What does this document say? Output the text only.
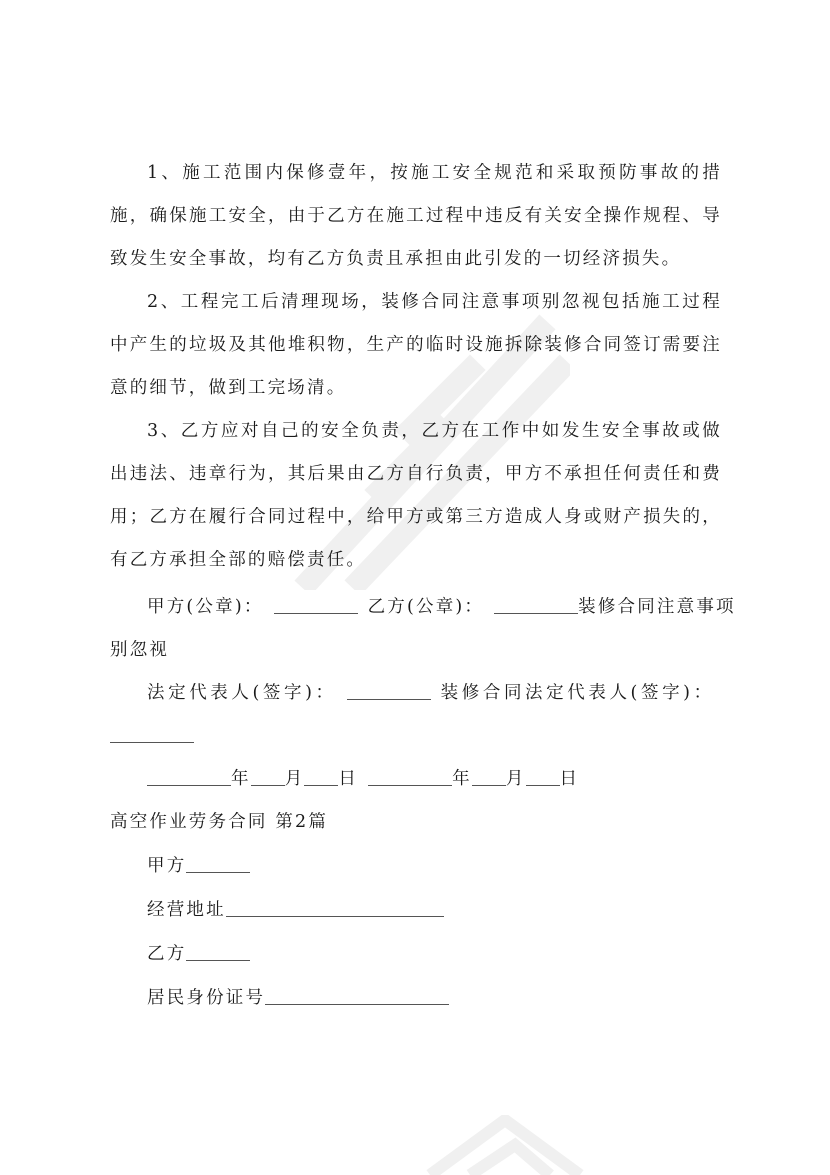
1、施工范围内保修壹年，按施工安全规范和采取预防事故的措施，确保施工安全，由于乙方在施工过程中违反有关安全操作规程、导致发生安全事故，均有乙方负责且承担由此引发的一切经济损失。

2、工程完工后清理现场，装修合同注意事项别忽视包括施工过程中产生的垃圾及其他堆积物，生产的临时设施拆除装修合同签订需要注意的细节，做到工完场清。

3、乙方应对自己的安全负责，乙方在工作中如发生安全事故或做出违法、违章行为，其后果由乙方自行负责，甲方不承担任何责任和费用；乙方在履行合同过程中，给甲方或第三方造成人身或财产损失的，有乙方承担全部的赔偿责任。

甲方(公章)：	乙方(公章)：	装修合同注意事项

别忽视

法定代表人(签字)：	装修合同法定代表人(签字)：

年 月 日	年 月 日

高空作业劳务合同 第2篇

甲方

经营地址

乙方

居民身份证号
